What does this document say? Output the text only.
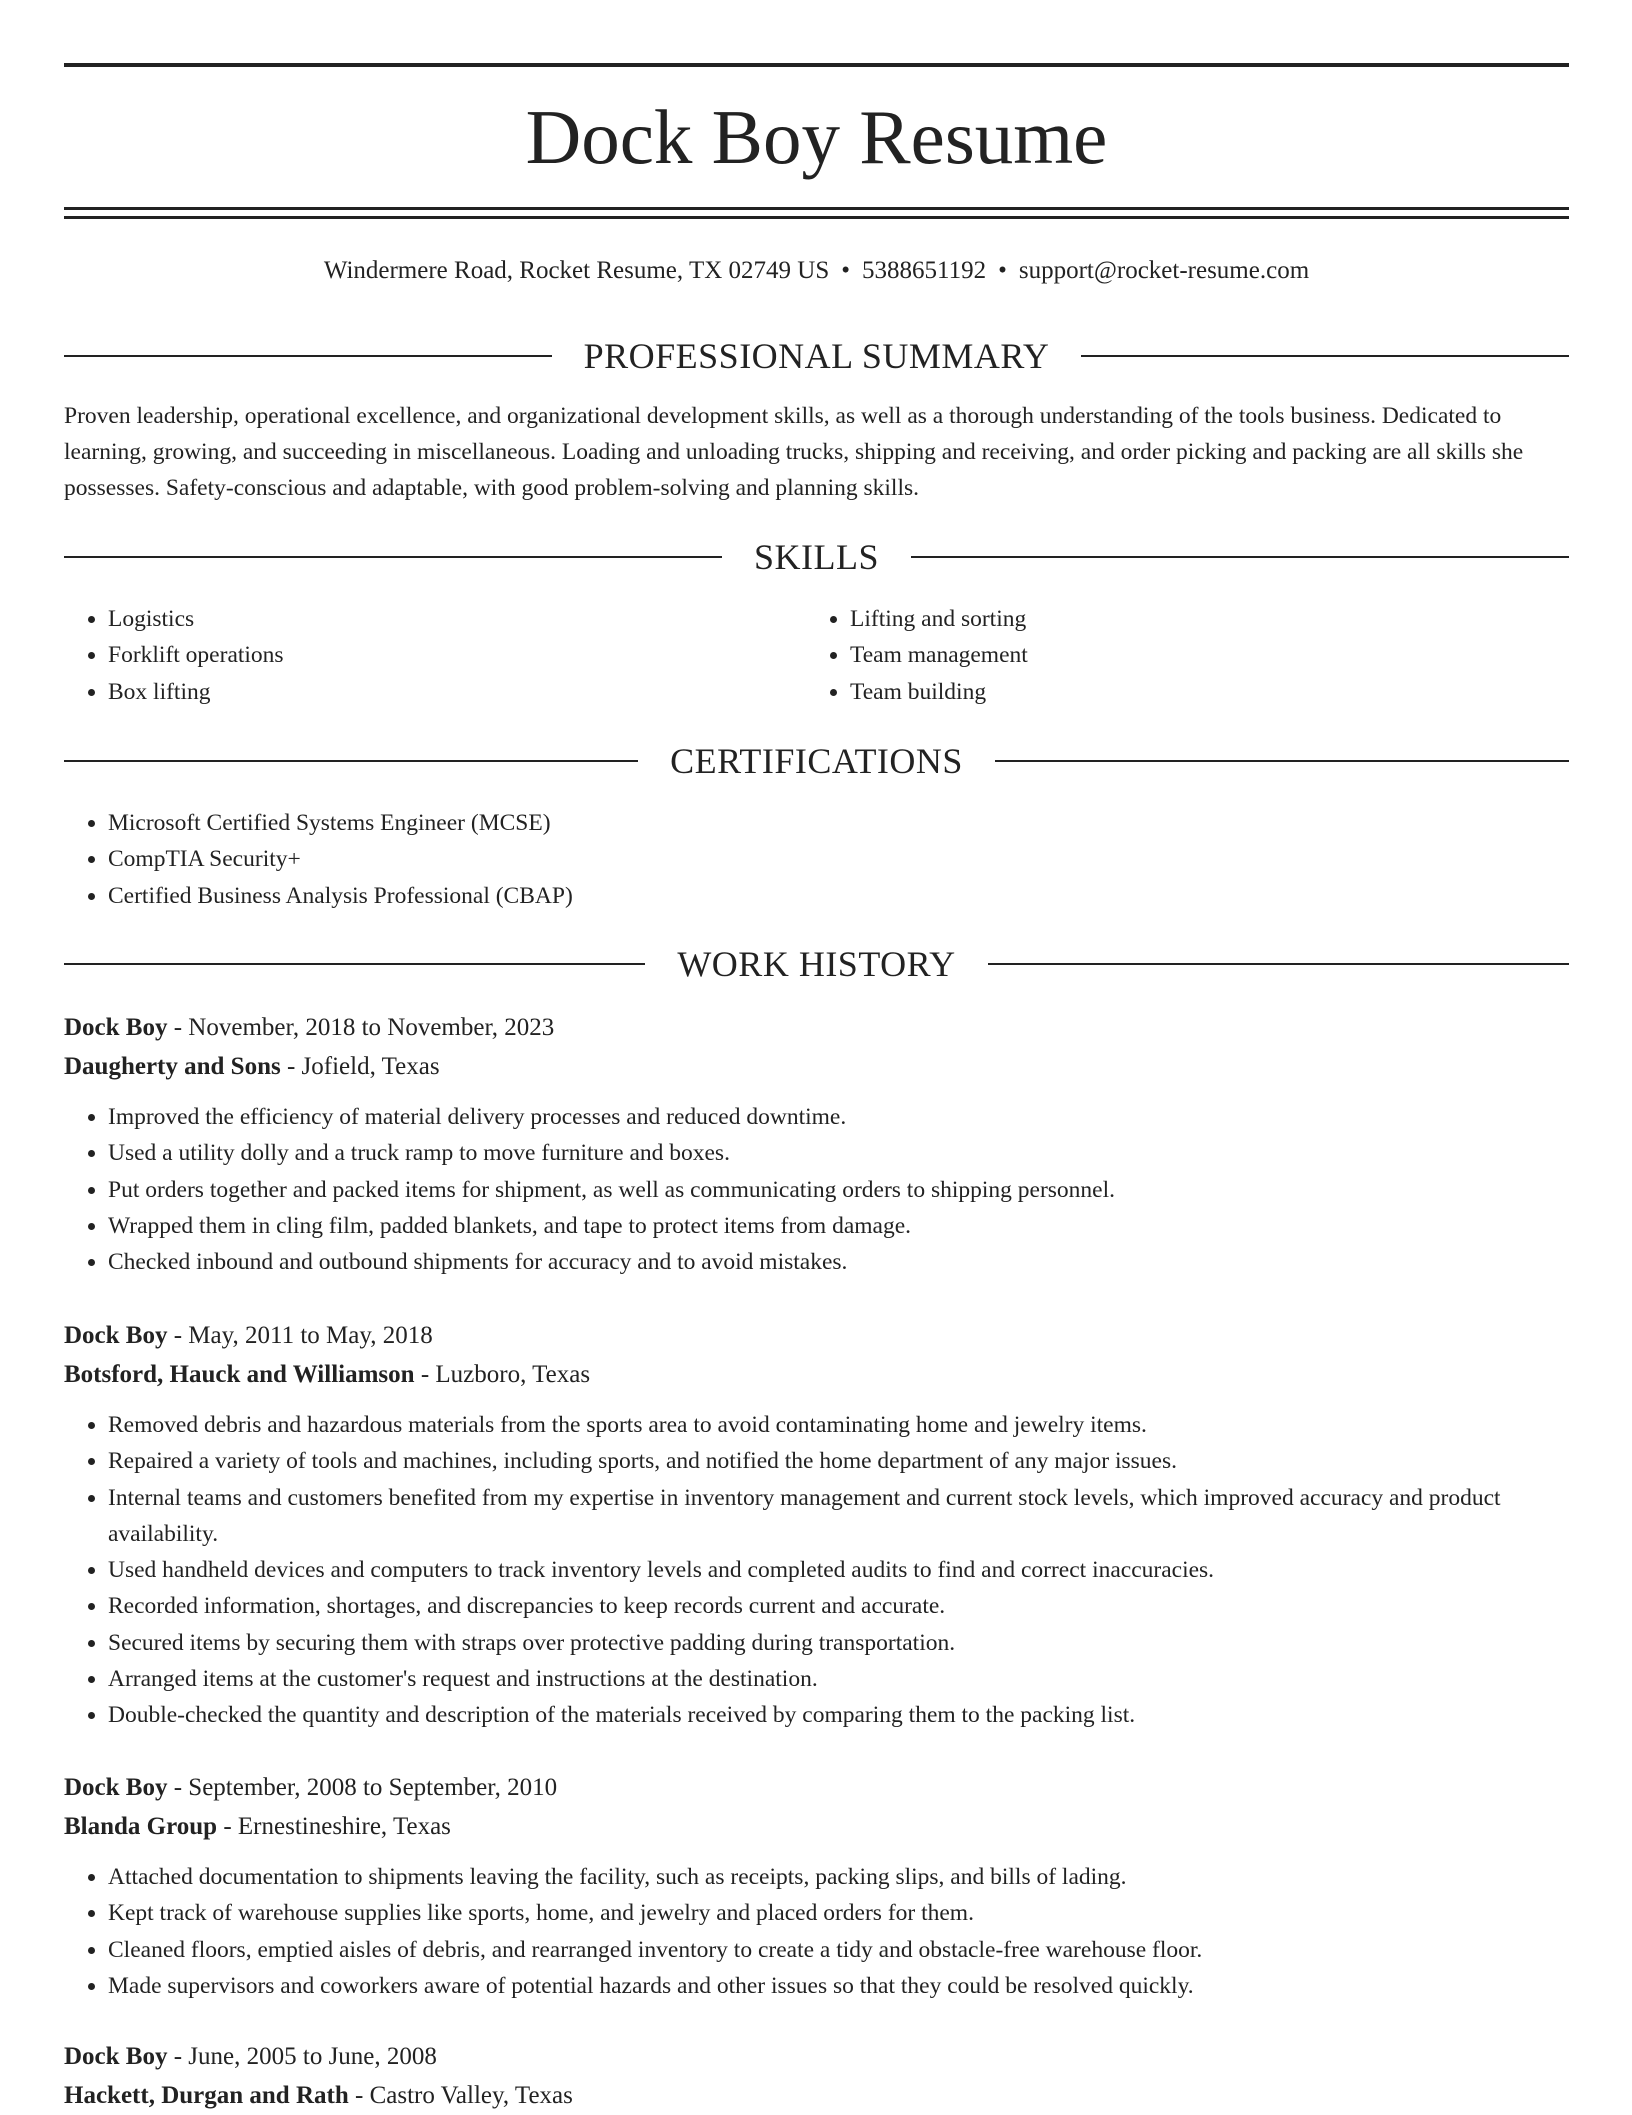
Dock Boy Resume
Windermere Road, Rocket Resume, TX 02749 US • 5388651192 • support@rocket-resume.com
PROFESSIONAL SUMMARY

Proven leadership, operational excellence, and organizational development skills, as well as a thorough understanding of the tools business. Dedicated to learning, growing, and succeeding in miscellaneous. Loading and unloading trucks, shipping and receiving, and order picking and packing are all skills she possesses. Safety-conscious and adaptable, with good problem-solving and planning skills.

SKILLS
• Logistics
• Forklift operations
• Box lifting
• Lifting and sorting
• Team management
• Team building
CERTIFICATIONS
• Microsoft Certified Systems Engineer (MCSE)
• CompTIA Security+
• Certified Business Analysis Professional (CBAP)
WORK HISTORY
Dock Boy - November, 2018 to November, 2023
Daugherty and Sons - Jofield, Texas
• Improved the efficiency of material delivery processes and reduced downtime.
• Used a utility dolly and a truck ramp to move furniture and boxes.
• Put orders together and packed items for shipment, as well as communicating orders to shipping personnel.
• Wrapped them in cling film, padded blankets, and tape to protect items from damage.
• Checked inbound and outbound shipments for accuracy and to avoid mistakes.
Dock Boy - May, 2011 to May, 2018
Botsford, Hauck and Williamson - Luzboro, Texas
• Removed debris and hazardous materials from the sports area to avoid contaminating home and jewelry items.
• Repaired a variety of tools and machines, including sports, and notified the home department of any major issues.
• Internal teams and customers benefited from my expertise in inventory management and current stock levels, which improved accuracy and product availability.
• Used handheld devices and computers to track inventory levels and completed audits to find and correct inaccuracies.
• Recorded information, shortages, and discrepancies to keep records current and accurate.
• Secured items by securing them with straps over protective padding during transportation.
• Arranged items at the customer's request and instructions at the destination.
• Double-checked the quantity and description of the materials received by comparing them to the packing list.
Dock Boy - September, 2008 to September, 2010
Blanda Group - Ernestineshire, Texas
• Attached documentation to shipments leaving the facility, such as receipts, packing slips, and bills of lading.
• Kept track of warehouse supplies like sports, home, and jewelry and placed orders for them.
• Cleaned floors, emptied aisles of debris, and rearranged inventory to create a tidy and obstacle-free warehouse floor.
• Made supervisors and coworkers aware of potential hazards and other issues so that they could be resolved quickly.
Dock Boy - June, 2005 to June, 2008
Hackett, Durgan and Rath - Castro Valley, Texas
